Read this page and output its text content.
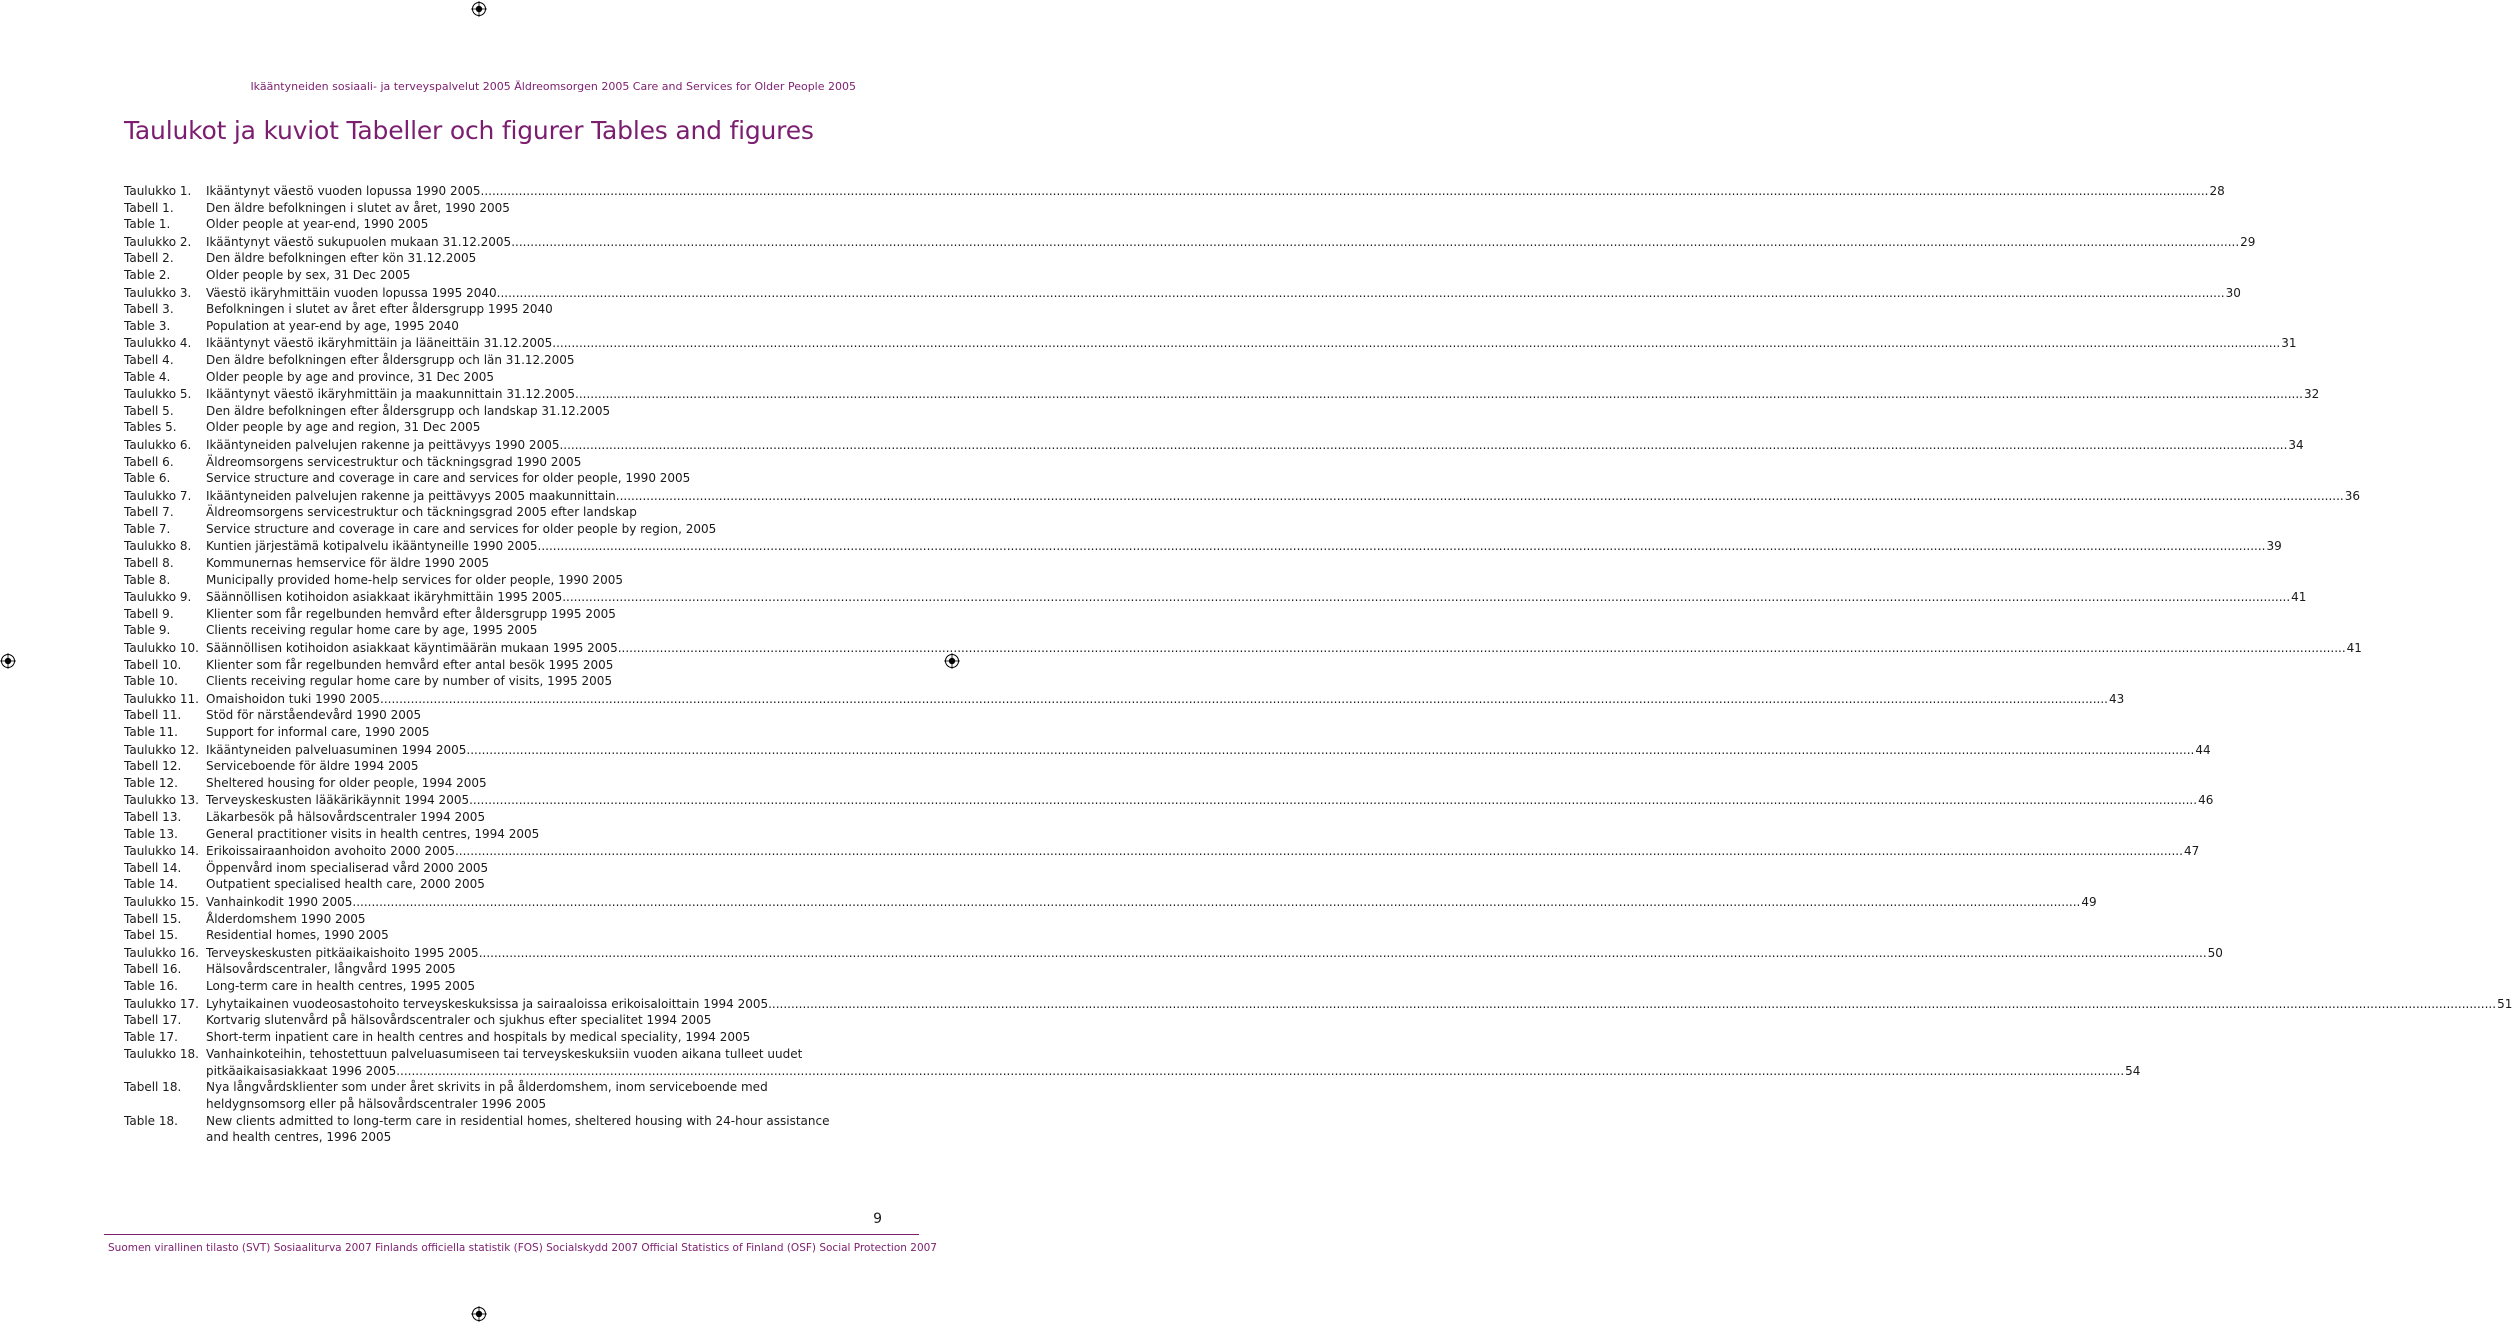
Ikääntyneiden sosiaali- ja terveyspalvelut 2005 Äldreomsorgen 2005 Care and Services for Older People 2005
Taulukot ja kuviot Tabeller och figurer Tables and figures
Taulukko 1.	Ikääntynyt väestö vuoden lopussa 1990 2005 .....	28
Tabell 1.	Den äldre befolkningen i slutet av året, 1990 2005
Table 1.	Older people at year-end, 1990 2005
Taulukko 2.	Ikääntynyt väestö sukupuolen mukaan 31.12.2005 .....	29
Tabell 2.	Den äldre befolkningen efter kön 31.12.2005
Table 2.	Older people by sex, 31 Dec 2005
Taulukko 3.	Väestö ikäryhmittäin vuoden lopussa 1995 2040 .....	30
Tabell 3.	Befolkningen i slutet av året efter åldersgrupp 1995 2040
Table 3.	Population at year-end by age, 1995 2040
Taulukko 4.	Ikääntynyt väestö ikäryhmittäin ja lääneittäin 31.12.2005 .....	31
Tabell 4.	Den äldre befolkningen efter åldersgrupp och län 31.12.2005
Table 4.	Older people by age and province, 31 Dec 2005
Taulukko 5.	Ikääntynyt väestö ikäryhmittäin ja maakunnittain 31.12.2005 .....	32
Tabell 5.	Den äldre befolkningen efter åldersgrupp och landskap 31.12.2005
Tables 5.	Older people by age and region, 31 Dec 2005
Taulukko 6.	Ikääntyneiden palvelujen rakenne ja peittävyys 1990 2005 .....	34
Tabell 6.	Äldreomsorgens servicestruktur och täckningsgrad 1990 2005
Table 6.	Service structure and coverage in care and services for older people, 1990 2005
Taulukko 7.	Ikääntyneiden palvelujen rakenne ja peittävyys 2005 maakunnittain .....	36
Tabell 7.	Äldreomsorgens servicestruktur och täckningsgrad 2005 efter landskap
Table 7.	Service structure and coverage in care and services for older people by region, 2005
Taulukko 8.	Kuntien järjestämä kotipalvelu ikääntyneille 1990 2005 .....	39
Tabell 8.	Kommunernas hemservice för äldre 1990 2005
Table 8.	Municipally provided home-help services for older people, 1990 2005
Taulukko 9.	Säännöllisen kotihoidon asiakkaat ikäryhmittäin 1995 2005 .....	41
Tabell 9.	Klienter som får regelbunden hemvård efter åldersgrupp 1995 2005
Table 9.	Clients receiving regular home care by age, 1995 2005
Taulukko 10. Säännöllisen kotihoidon asiakkaat käyntimäärän mukaan 1995 2005 .....	41
Tabell 10.	Klienter som får regelbunden hemvård efter antal besök 1995 2005
Table 10.	Clients receiving regular home care by number of visits, 1995 2005
Taulukko 11. Omaishoidon tuki 1990 2005 .....	43
Tabell 11.	Stöd för närståendevård 1990 2005
Table 11.	Support for informal care, 1990 2005
Taulukko 12. Ikääntyneiden palveluasuminen 1994 2005 .....	44
Tabell 12.	Serviceboende för äldre 1994 2005
Table 12.	Sheltered housing for older people, 1994 2005
Taulukko 13. Terveyskeskusten lääkärikäynnit 1994 2005 .....	46
Tabell 13.	Läkarbesök på hälsovårdscentraler 1994 2005
Table 13.	General practitioner visits in health centres, 1994 2005
Taulukko 14. Erikoissairaanhoidon avohoito 2000 2005 .....	47
Tabell 14.	Öppenvård inom specialiserad vård 2000 2005
Table 14.	Outpatient specialised health care, 2000 2005
Taulukko 15. Vanhainkodit 1990 2005 .....	49
Tabell 15.	Ålderdomshem 1990 2005
Tabel 15.	Residential homes, 1990 2005
Taulukko 16. Terveyskeskusten pitkäaikaishoito 1995 2005 .....	50
Tabell 16.	Hälsovårdscentraler, långvård 1995 2005
Table 16.	Long-term care in health centres, 1995 2005
Taulukko 17. Lyhytaikainen vuodeosastohoito terveyskeskuksissa ja sairaaloissa erikoisaloittain 1994 2005 .....	51
Tabell 17.	Kortvarig slutenvård på hälsovårdscentraler och sjukhus efter specialitet 1994 2005
Table 17.	Short-term inpatient care in health centres and hospitals by medical speciality, 1994 2005
Taulukko 18. Vanhainkoteihin, tehostettuun palveluasumiseen tai terveyskeskuksiin vuoden aikana tulleet uudet
pitkäaikaisasiakkaat 1996 2005 .....	54
Tabell 18.	Nya långvårdsklienter som under året skrivits in på ålderdomshem, inom serviceboende med
heldygnsomsorg eller på hälsovårdscentraler 1996 2005
Table 18.	New clients admitted to long-term care in residential homes, sheltered housing with 24-hour assistance
and health centres, 1996 2005
9
Suomen virallinen tilasto (SVT) Sosiaaliturva 2007 Finlands officiella statistik (FOS) Socialskydd 2007 Official Statistics of Finland (OSF) Social Protection 2007
